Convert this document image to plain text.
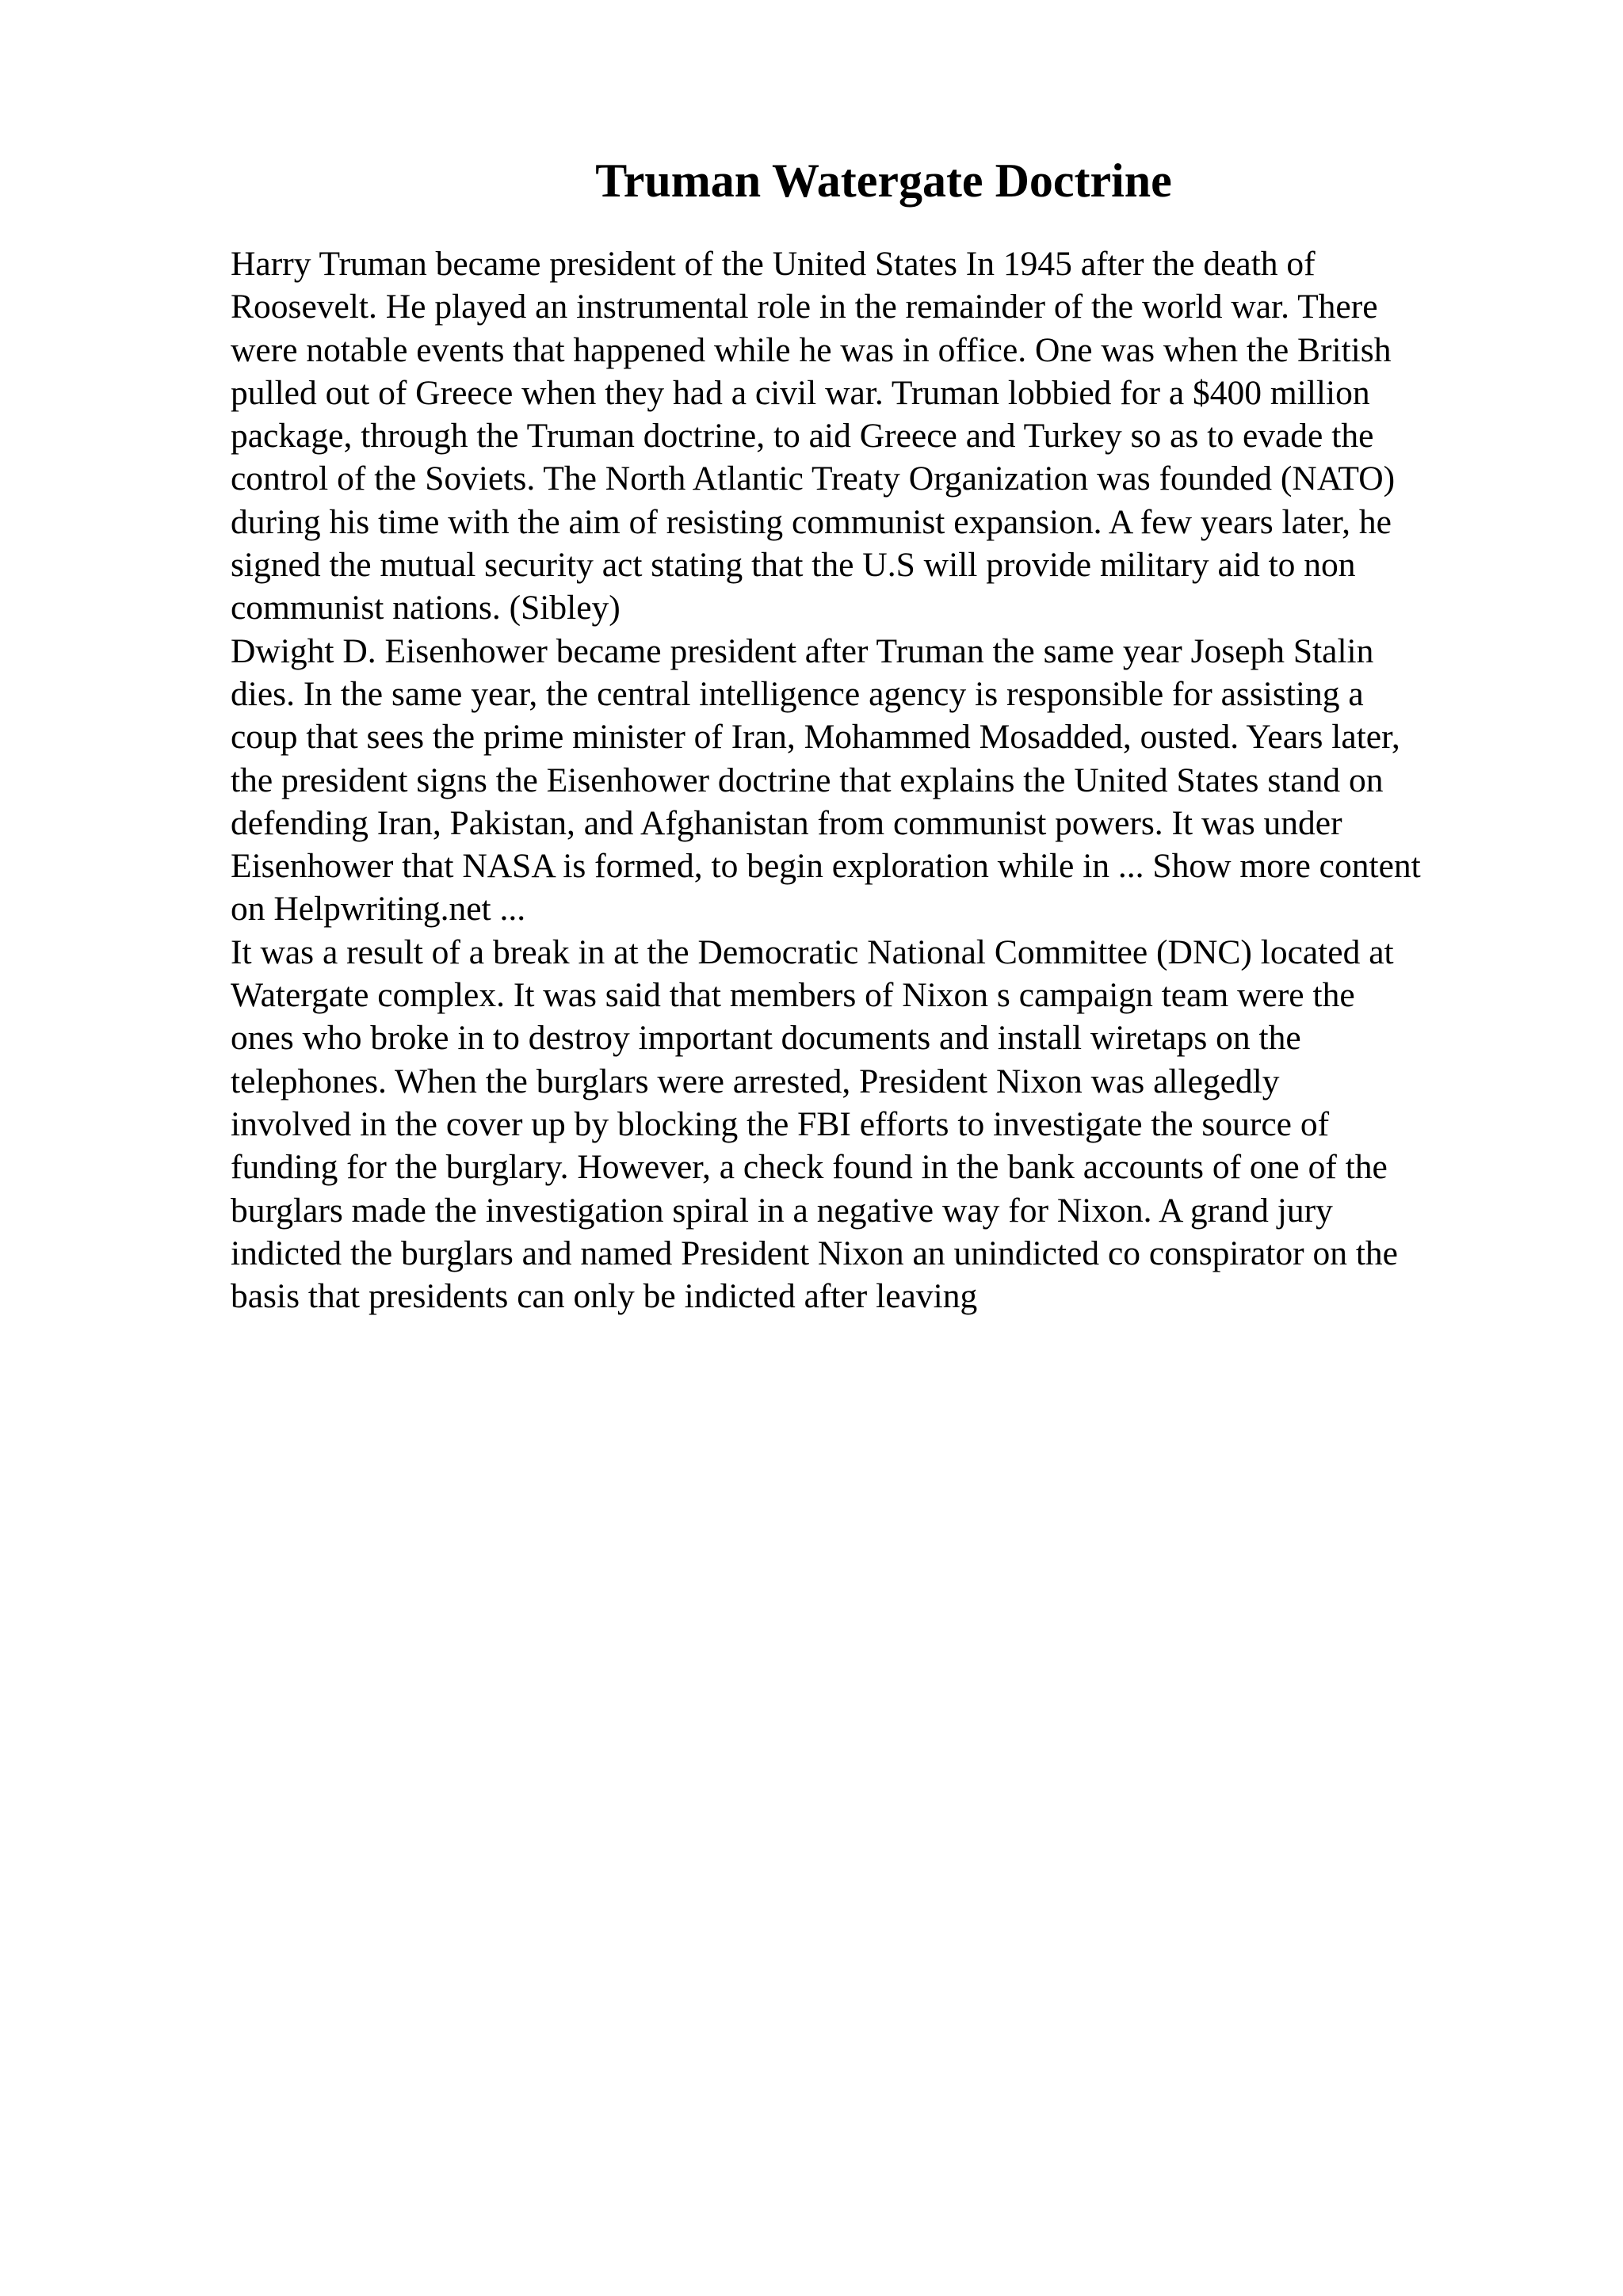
Truman Watergate Doctrine
Harry Truman became president of the United States In 1945 after the death of
Roosevelt. He played an instrumental role in the remainder of the world war. There
were notable events that happened while he was in office. One was when the British
pulled out of Greece when they had a civil war. Truman lobbied for a $400 million
package, through the Truman doctrine, to aid Greece and Turkey so as to evade the
control of the Soviets. The North Atlantic Treaty Organization was founded (NATO)
during his time with the aim of resisting communist expansion. A few years later, he
signed the mutual security act stating that the U.S will provide military aid to non
communist nations. (Sibley)
Dwight D. Eisenhower became president after Truman the same year Joseph Stalin
dies. In the same year, the central intelligence agency is responsible for assisting a
coup that sees the prime minister of Iran, Mohammed Mosadded, ousted. Years later,
the president signs the Eisenhower doctrine that explains the United States stand on
defending Iran, Pakistan, and Afghanistan from communist powers. It was under
Eisenhower that NASA is formed, to begin exploration while in ... Show more content
on Helpwriting.net ...
It was a result of a break in at the Democratic National Committee (DNC) located at
Watergate complex. It was said that members of Nixon s campaign team were the
ones who broke in to destroy important documents and install wiretaps on the
telephones. When the burglars were arrested, President Nixon was allegedly
involved in the cover up by blocking the FBI efforts to investigate the source of
funding for the burglary. However, a check found in the bank accounts of one of the
burglars made the investigation spiral in a negative way for Nixon. A grand jury
indicted the burglars and named President Nixon an unindicted co conspirator on the
basis that presidents can only be indicted after leaving
